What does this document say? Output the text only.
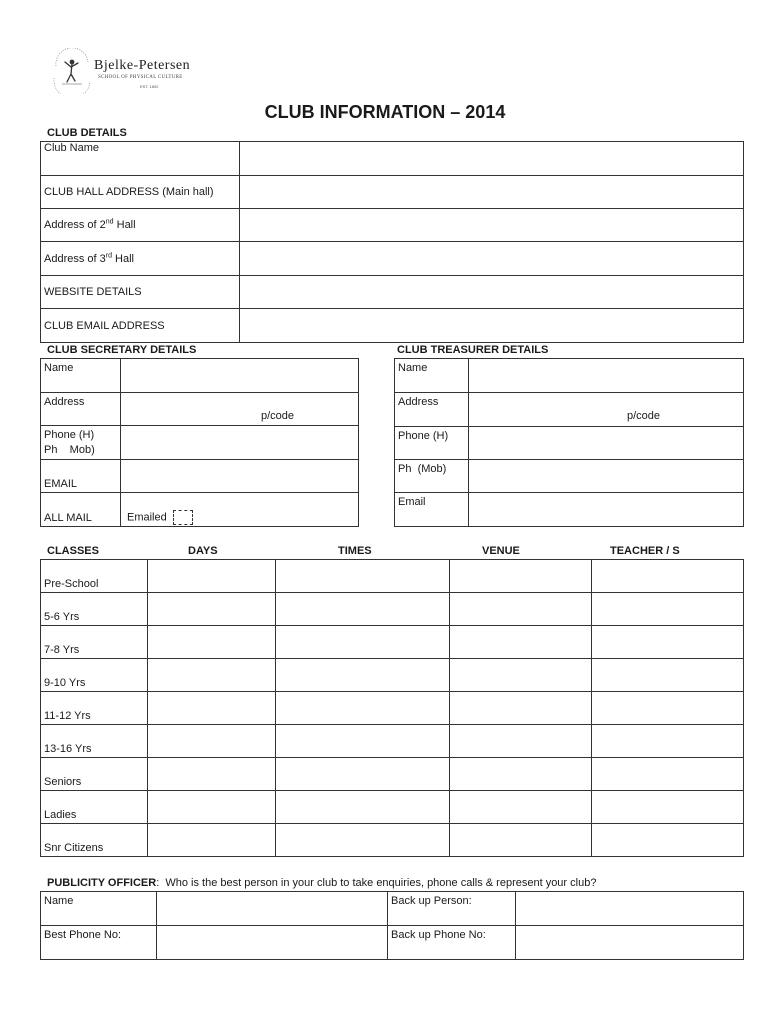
Bjelke-Petersen
SCHOOL OF PHYSICAL CULTURE
EST. 1892
CLUB INFORMATION – 2014
CLUB DETAILS
Club Name	
CLUB HALL ADDRESS (Main hall)	
Address of 2nd Hall	
Address of 3rd Hall	
WEBSITE DETAILS	
CLUB EMAIL ADDRESS	
CLUB SECRETARY DETAILS
Name	
Address	p/code

Phone (H)
Ph    Mob)	
EMAIL	
ALL MAIL	Emailed
CLUB TREASURER DETAILS
Name	
Address	p/code

Phone (H)	
Ph  (Mob)	
Email	
CLASSES	DAYS	TIMES	VENUE	TEACHER / S
Pre-School				
5-6 Yrs				
7-8 Yrs				
9-10 Yrs				
11-12 Yrs				
13-16 Yrs				
Seniors				
Ladies				
Snr Citizens				
PUBLICITY OFFICER:  Who is the best person in your club to take enquiries, phone calls & represent your club?
Name		Back up Person:	
Best Phone No:		Back up Phone No:	
